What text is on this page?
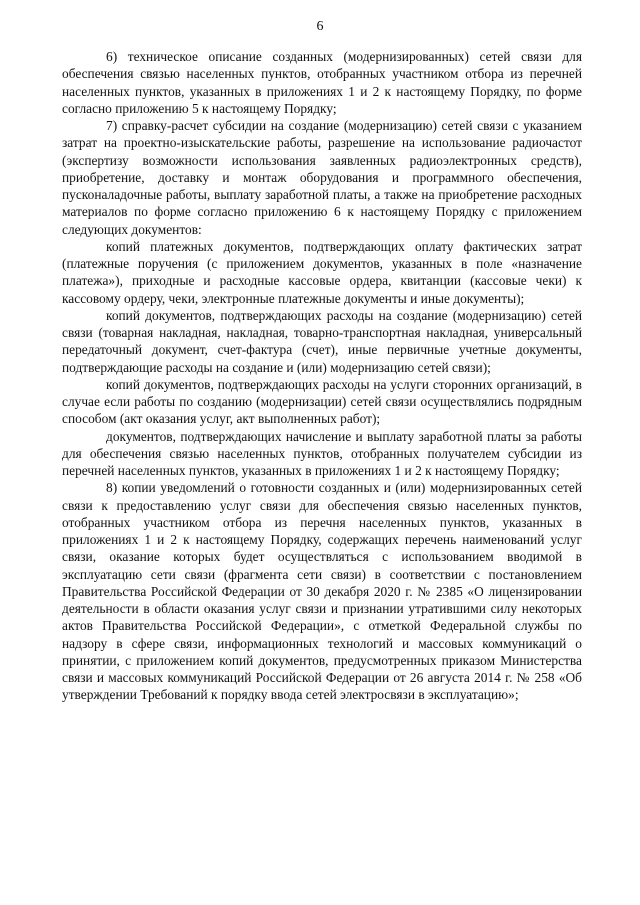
6

6) техническое описание созданных (модернизированных) сетей связи для обеспечения связью населенных пунктов, отобранных участником отбора из перечней населенных пунктов, указанных в приложениях 1 и 2 к настоящему Порядку, по форме согласно приложению 5 к настоящему Порядку;

7) справку-расчет субсидии на создание (модернизацию) сетей связи с указанием затрат на проектно-изыскательские работы, разрешение на использование радиочастот (экспертизу возможности использования заявленных радиоэлектронных средств), приобретение, доставку и монтаж оборудования и программного обеспечения, пусконаладочные работы, выплату заработной платы, а также на приобретение расходных материалов по форме согласно приложению 6 к настоящему Порядку с приложением следующих документов:

копий платежных документов, подтверждающих оплату фактических затрат (платежные поручения (с приложением документов, указанных в поле «назначение платежа»), приходные и расходные кассовые ордера, квитанции (кассовые чеки) к кассовому ордеру, чеки, электронные платежные документы и иные документы);

копий документов, подтверждающих расходы на создание (модернизацию) сетей связи (товарная накладная, накладная, товарно-транспортная накладная, универсальный передаточный документ, счет-фактура (счет), иные первичные учетные документы, подтверждающие расходы на создание и (или) модернизацию сетей связи);

копий документов, подтверждающих расходы на услуги сторонних организаций, в случае если работы по созданию (модернизации) сетей связи осуществлялись подрядным способом (акт оказания услуг, акт выполненных работ);

документов, подтверждающих начисление и выплату заработной платы за работы для обеспечения связью населенных пунктов, отобранных получателем субсидии из перечней населенных пунктов, указанных в приложениях 1 и 2 к настоящему Порядку;

8) копии уведомлений о готовности созданных и (или) модернизированных сетей связи к предоставлению услуг связи для обеспечения связью населенных пунктов, отобранных участником отбора из перечня населенных пунктов, указанных в приложениях 1 и 2 к настоящему Порядку, содержащих перечень наименований услуг связи, оказание которых будет осуществляться с использованием вводимой в эксплуатацию сети связи (фрагмента сети связи) в соответствии с постановлением Правительства Российской Федерации от 30 декабря 2020 г. № 2385 «О лицензировании деятельности в области оказания услуг связи и признании утратившими силу некоторых актов Правительства Российской Федерации», с отметкой Федеральной службы по надзору в сфере связи, информационных технологий и массовых коммуникаций о принятии, с приложением копий документов, предусмотренных приказом Министерства связи и массовых коммуникаций Российской Федерации от 26 августа 2014 г. № 258 «Об утверждении Требований к порядку ввода сетей электросвязи в эксплуатацию»;
